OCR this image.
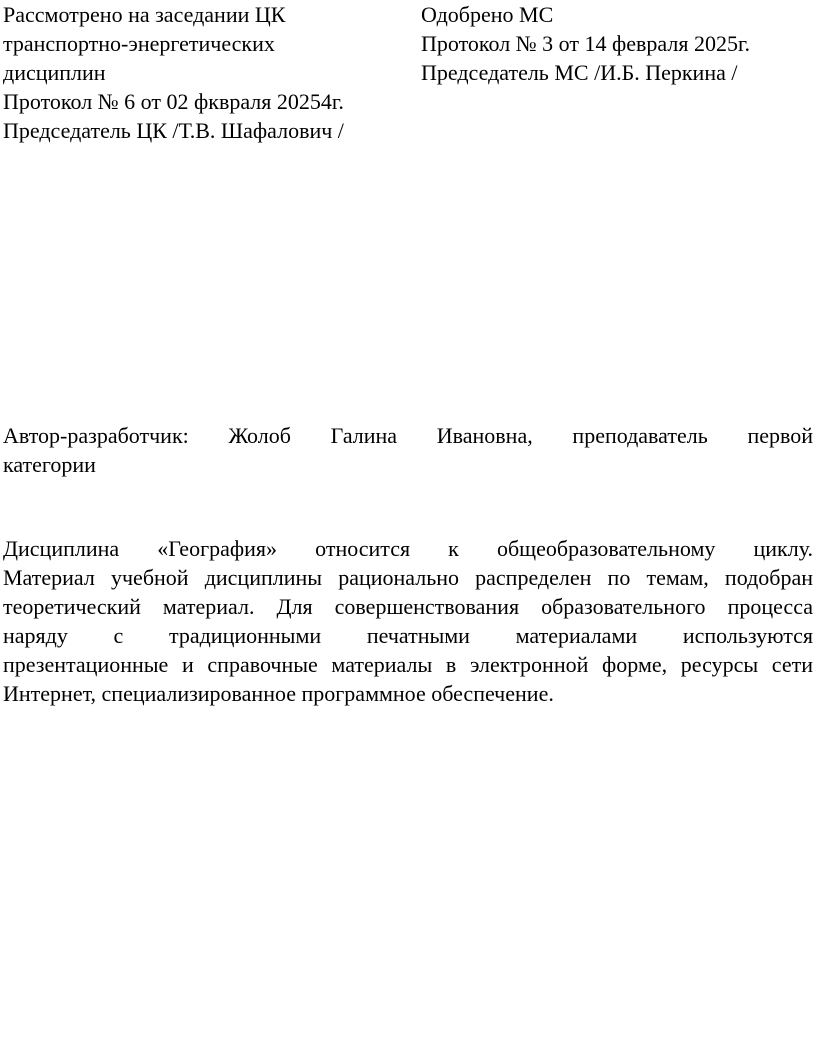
Рассмотрено на заседании ЦК
транспортно-энергетических
дисциплин
Протокол № 6 от 02 фквраля 20254г.
Председатель ЦК /Т.В. Шафалович /
Одобрено МС
Протокол № 3 от 14 февраля 2025г.
Председатель МС /И.Б. Перкина /
Автор-разработчик: Жолоб Галина Ивановна, преподаватель первой
категории
Дисциплина «География» относится к общеобразовательному циклу.
Материал учебной дисциплины рационально распределен по темам, подобран
теоретический материал. Для совершенствования образовательного процесса
наряду с традиционными печатными материалами используются
презентационные и справочные материалы в электронной форме, ресурсы сети
Интернет, специализированное программное обеспечение.
